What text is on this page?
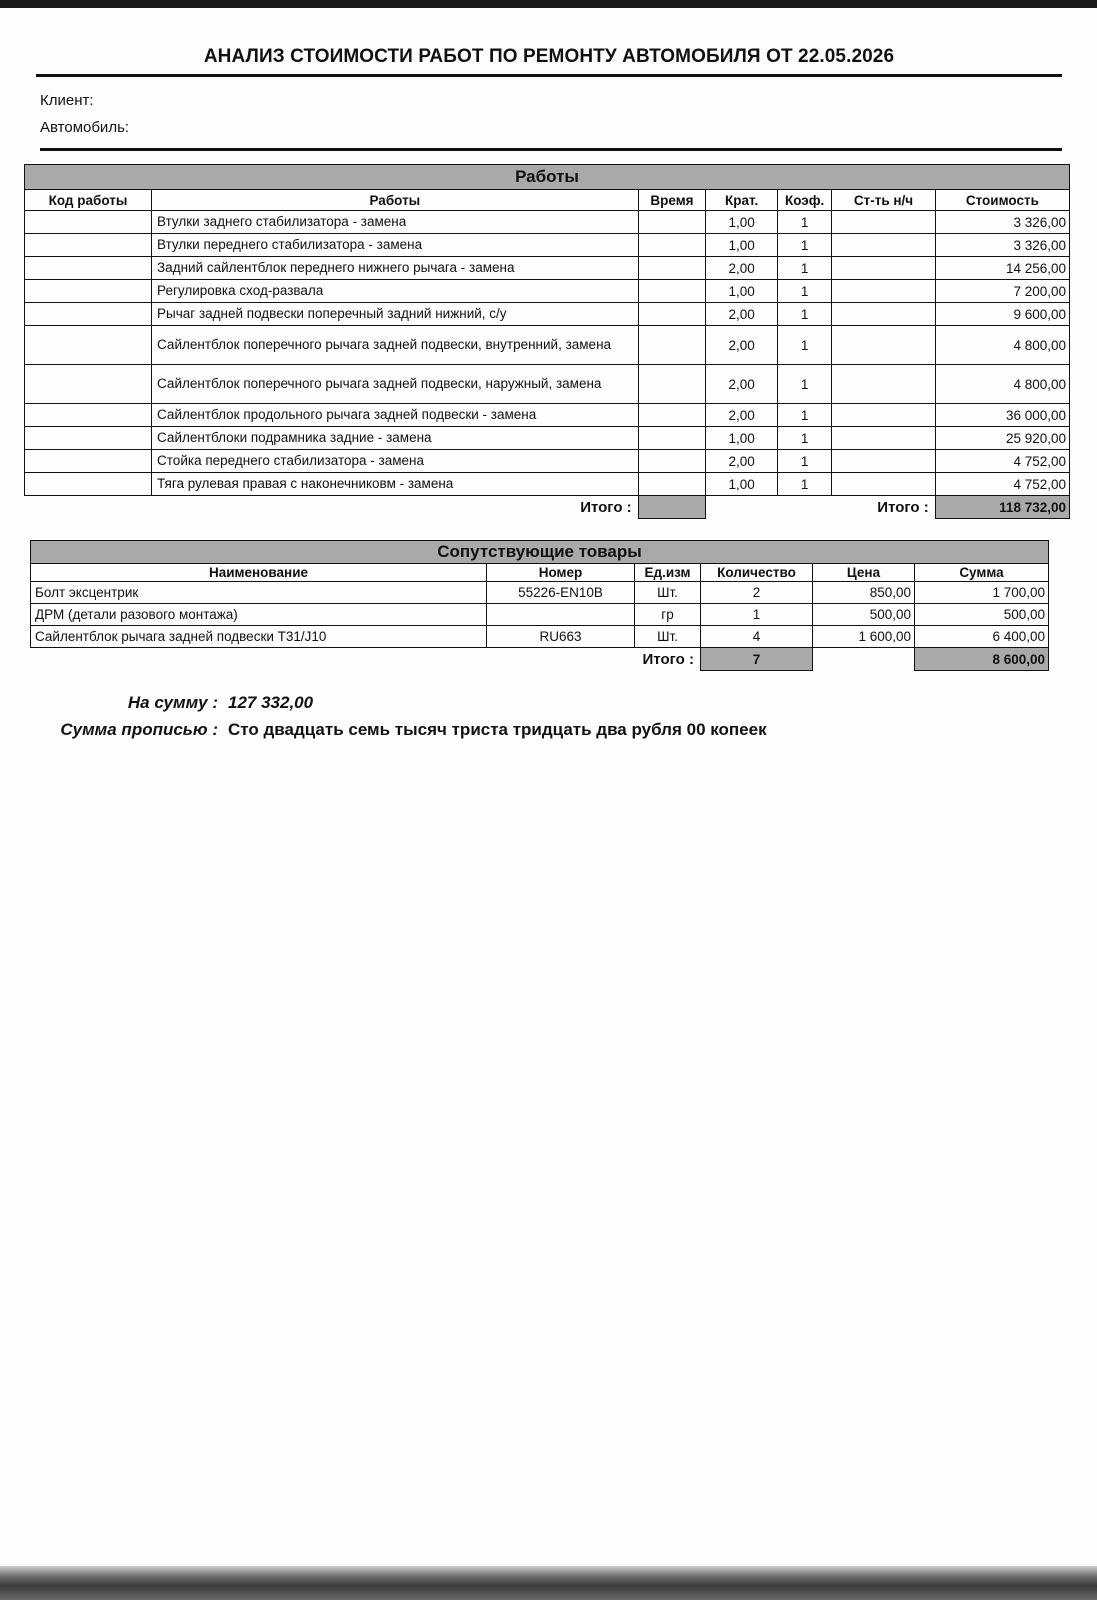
АНАЛИЗ СТОИМОСТИ РАБОТ ПО РЕМОНТУ АВТОМОБИЛЯ ОТ 22.05.2026
Клиент:
Автомобиль:
Работы						
Код работы	Работы	Время	Крат.	Коэф.	Ст-ть н/ч	Стоимость
	Втулки заднего стабилизатора - замена		1,00	1		3 326,00
	Втулки переднего стабилизатора - замена		1,00	1		3 326,00
	Задний сайлентблок переднего нижнего рычага - замена		2,00	1		14 256,00
	Регулировка сход-развала		1,00	1		7 200,00
	Рычаг задней подвески поперечный задний нижний, с/у		2,00	1		9 600,00
	Сайлентблок поперечного рычага задней подвески, внутренний, замена		2,00	1		4 800,00
	Сайлентблок поперечного рычага задней подвески, наружный, замена		2,00	1		4 800,00
	Сайлентблок продольного рычага задней подвески - замена		2,00	1		36 000,00
	Сайлентблоки подрамника задние - замена		1,00	1		25 920,00
	Стойка переднего стабилизатора - замена		2,00	1		4 752,00
	Тяга рулевая правая с наконечниковм - замена		1,00	1		4 752,00
	Итого :				Итого :	118 732,00
Сопутствующие товары					
Наименование	Номер	Ед.изм	Количество	Цена	Сумма
Болт эксцентрик	55226-EN10B	Шт.	2	850,00	1 700,00
ДРМ (детали разового монтажа)		гр	1	500,00	500,00
Сайлентблок рычага задней подвески T31/J10	RU663	Шт.	4	1 600,00	6 400,00
		Итого :	7		8 600,00
На сумму : 127 332,00
Сумма прописью : Сто двадцать семь тысяч триста тридцать два рубля 00 копеек
